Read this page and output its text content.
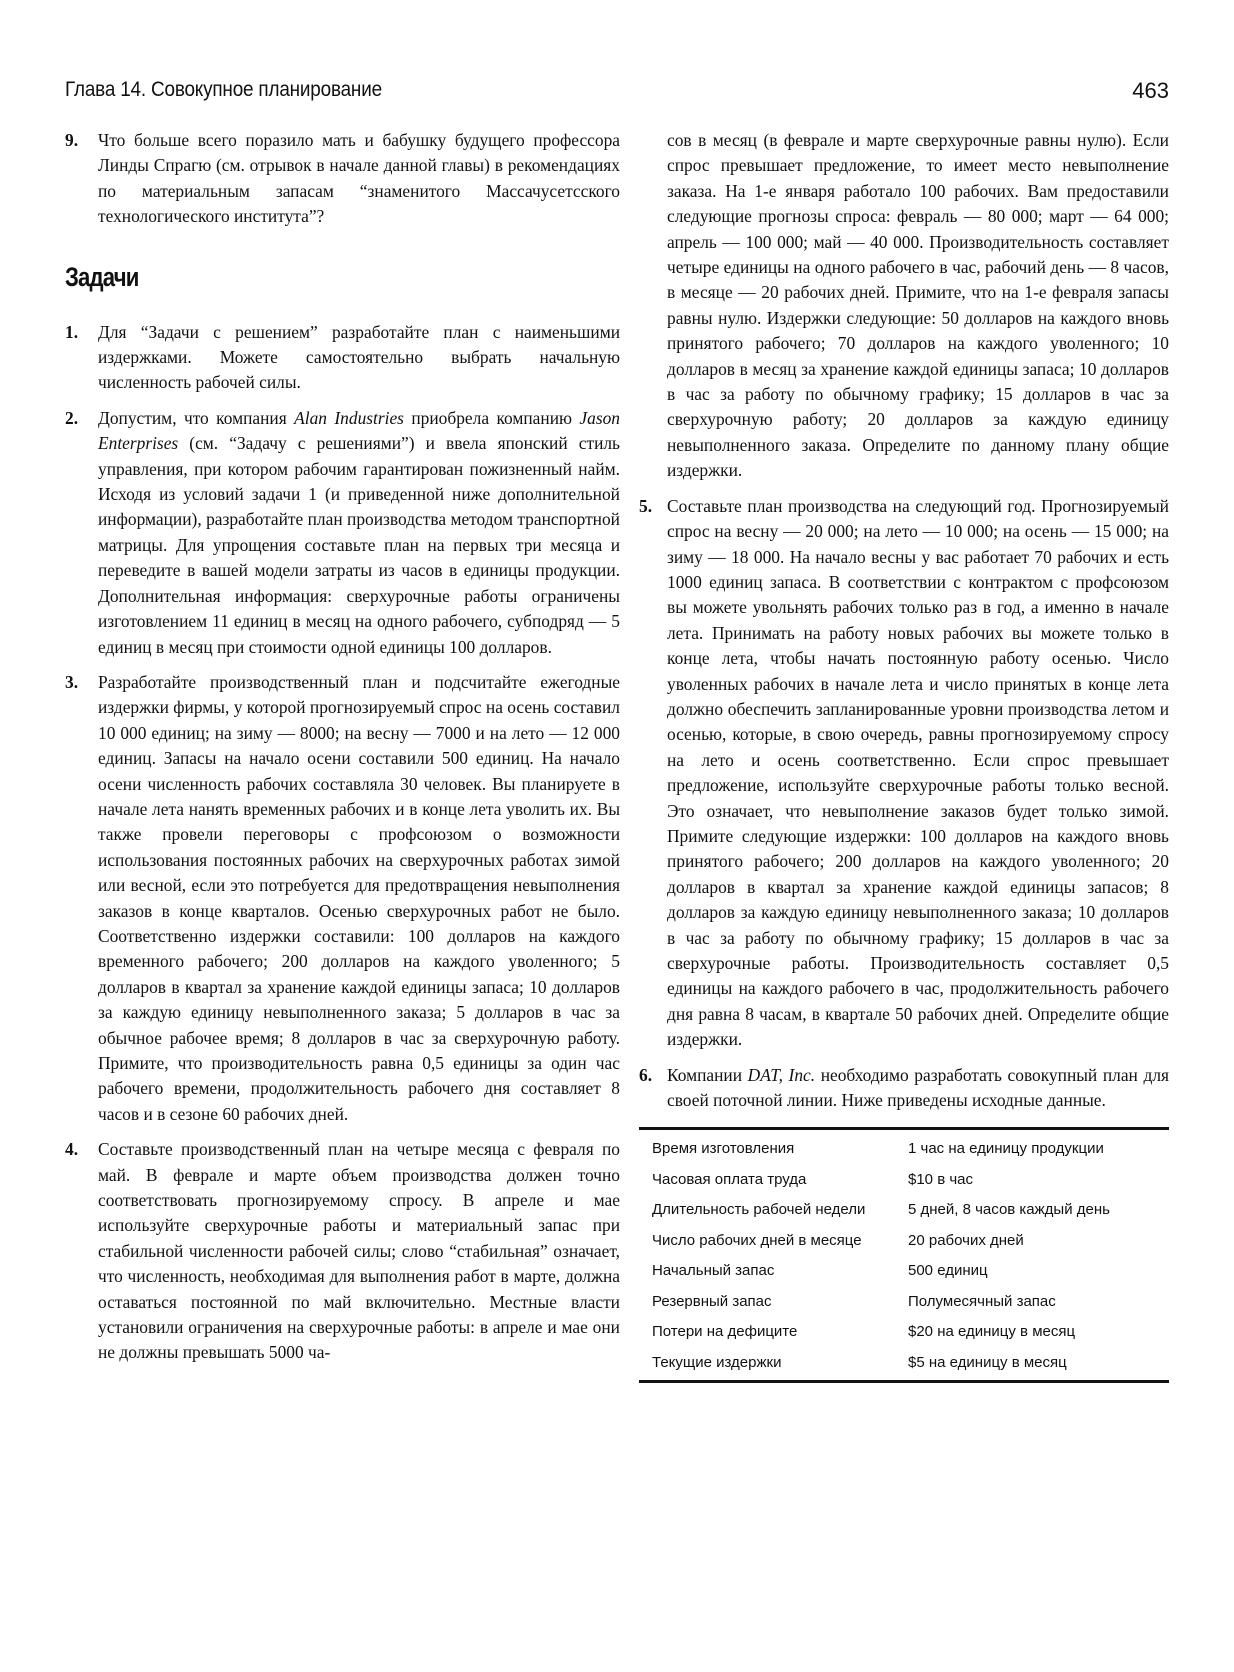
Глава 14. Совокупное планирование	463
9. Что больше всего поразило мать и бабушку будущего профессора Линды Спрагю (см. отрывок в начале данной главы) в рекомендациях по материальным запасам “знаменитого Массачусетсского технологического института”?
Задачи
1. Для “Задачи с решением” разработайте план с наименьшими издержками. Можете самостоятельно выбрать начальную численность рабочей силы.
2. Допустим, что компания Alan Industries приобрела компанию Jason Enterprises (см. “Задачу с решениями”) и ввела японский стиль управления, при котором рабочим гарантирован пожизненный найм. Исходя из условий задачи 1 (и приведенной ниже дополнительной информации), разработайте план производства методом транспортной матрицы. Для упрощения составьте план на первых три месяца и переведите в вашей модели затраты из часов в единицы продукции. Дополнительная информация: сверхурочные работы ограничены изготовлением 11 единиц в месяц на одного рабочего, субподряд — 5 единиц в месяц при стоимости одной единицы 100 долларов.
3. Разработайте производственный план и подсчитайте ежегодные издержки фирмы, у которой прогнозируемый спрос на осень составил 10 000 единиц; на зиму — 8000; на весну — 7000 и на лето — 12 000 единиц. Запасы на начало осени составили 500 единиц. На начало осени численность рабочих составляла 30 человек. Вы планируете в начале лета нанять временных рабочих и в конце лета уволить их. Вы также провели переговоры с профсоюзом о возможности использования постоянных рабочих на сверхурочных работах зимой или весной, если это потребуется для предотвращения невыполнения заказов в конце кварталов. Осенью сверхурочных работ не было. Соответственно издержки составили: 100 долларов на каждого временного рабочего; 200 долларов на каждого уволенного; 5 долларов в квартал за хранение каждой единицы запаса; 10 долларов за каждую единицу невыполненного заказа; 5 долларов в час за обычное рабочее время; 8 долларов в час за сверхурочную работу. Примите, что производительность равна 0,5 единицы за один час рабочего времени, продолжительность рабочего дня составляет 8 часов и в сезоне 60 рабочих дней.
4. Составьте производственный план на четыре месяца с февраля по май. В феврале и марте объем производства должен точно соответствовать прогнозируемому спросу. В апреле и мае используйте сверхурочные работы и материальный запас при стабильной численности рабочей силы; слово “стабильная” означает, что численность, необходимая для выполнения работ в марте, должна оставаться постоянной по май включительно. Местные власти установили ограничения на сверхурочные работы: в апреле и мае они не должны превышать 5000 ча-
сов в месяц (в феврале и марте сверхурочные равны нулю). Если спрос превышает предложение, то имеет место невыполнение заказа. На 1-е января работало 100 рабочих. Вам предоставили следующие прогнозы спроса: февраль — 80 000; март — 64 000; апрель — 100 000; май — 40 000. Производительность составляет четыре единицы на одного рабочего в час, рабочий день — 8 часов, в месяце — 20 рабочих дней. Примите, что на 1-е февраля запасы равны нулю. Издержки следующие: 50 долларов на каждого вновь принятого рабочего; 70 долларов на каждого уволенного; 10 долларов в месяц за хранение каждой единицы запаса; 10 долларов в час за работу по обычному графику; 15 долларов в час за сверхурочную работу; 20 долларов за каждую единицу невыполненного заказа. Определите по данному плану общие издержки.
5. Составьте план производства на следующий год. Прогнозируемый спрос на весну — 20 000; на лето — 10 000; на осень — 15 000; на зиму — 18 000. На начало весны у вас работает 70 рабочих и есть 1000 единиц запаса. В соответствии с контрактом с профсоюзом вы можете увольнять рабочих только раз в год, а именно в начале лета. Принимать на работу новых рабочих вы можете только в конце лета, чтобы начать постоянную работу осенью. Число уволенных рабочих в начале лета и число принятых в конце лета должно обеспечить запланированные уровни производства летом и осенью, которые, в свою очередь, равны прогнозируемому спросу на лето и осень соответственно. Если спрос превышает предложение, используйте сверхурочные работы только весной. Это означает, что невыполнение заказов будет только зимой. Примите следующие издержки: 100 долларов на каждого вновь принятого рабочего; 200 долларов на каждого уволенного; 20 долларов в квартал за хранение каждой единицы запасов; 8 долларов за каждую единицу невыполненного заказа; 10 долларов в час за работу по обычному графику; 15 долларов в час за сверхурочные работы. Производительность составляет 0,5 единицы на каждого рабочего в час, продолжительность рабочего дня равна 8 часам, в квартале 50 рабочих дней. Определите общие издержки.
6. Компании DAT, Inc. необходимо разработать совокупный план для своей поточной линии. Ниже приведены исходные данные.
Время изготовления	1 час на единицу продукции
Часовая оплата труда	$10 в час
Длительность рабочей недели	5 дней, 8 часов каждый день
Число рабочих дней в месяце	20 рабочих дней
Начальный запас	500 единиц
Резервный запас	Полумесячный запас
Потери на дефиците	$20 на единицу в месяц
Текущие издержки	$5 на единицу в месяц
